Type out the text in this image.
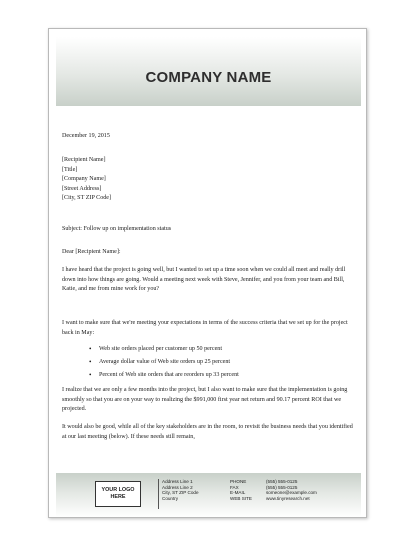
COMPANY NAME
December 19, 2015
[Recipient Name]
[Title]
[Company Name]
[Street Address]
[City, ST ZIP Code]
Subject: Follow up on implementation status
Dear [Recipient Name]:
I have heard that the project is going well, but I wanted to set up a time soon when we could all meet and really drill down into how things are going. Would a meeting next week with Steve, Jennifer, and you from your team and Bill, Katie, and me from mine work for you?
I want to make sure that we're meeting your expectations in terms of the success criteria that we set up for the project back in May:
• Web site orders placed per customer up 50 percent
• Average dollar value of Web site orders up 25 percent
• Percent of Web site orders that are reorders up 33 percent
I realize that we are only a few months into the project, but I also want to make sure that the implementation is going smoothly so that you are on your way to realizing the $991,000 first year net return and 90.17 percent ROI that we projected.
It would also be good, while all of the key stakeholders are in the room, to revisit the business needs that you identified at our last meeting (below). If these needs still remain,
YOUR LOGO
HERE
Address Line 1
Address Line 2
City, ST ZIP Code
Country
PHONE
FAX
E-MAIL
WEB SITE
(555) 555-0125
(555) 555-0125
someone@example.com
www.tinyresearch.net
